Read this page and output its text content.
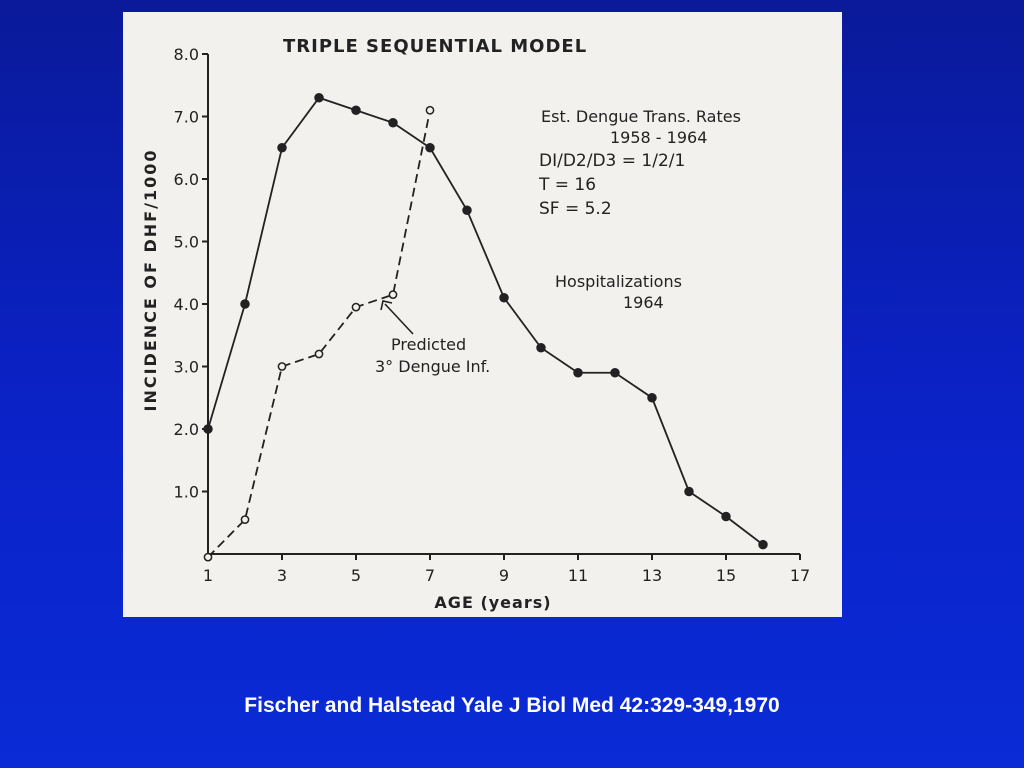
1.0
2.0
3.0
4.0
5.0
6.0
7.0
8.0
1	3	5	7	9	11	13	15	17
TRIPLE SEQUENTIAL MODEL
INCIDENCE OF DHF/1000
AGE (years)
Est. Dengue Trans. Rates
1958 - 1964
DI/D2/D3 = 1/2/1
T = 16
SF = 5.2
Hospitalizations
1964
Predicted
3° Dengue Inf.
Fischer and Halstead Yale J Biol Med 42:329-349,1970
